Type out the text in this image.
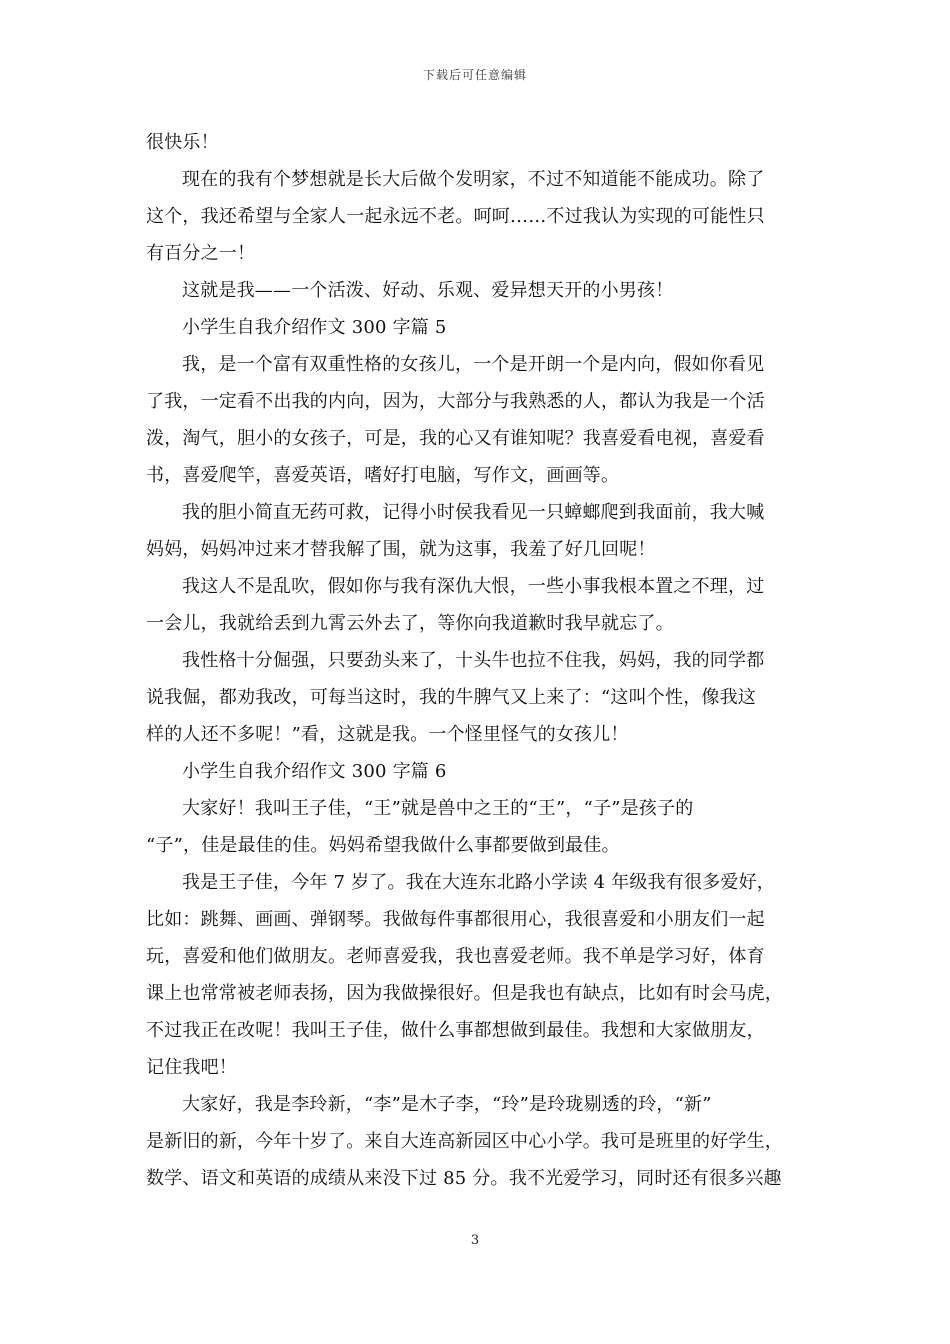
下载后可任意编辑
很快乐！
现在的我有个梦想就是长大后做个发明家，不过不知道能不能成功。除了
这个，我还希望与全家人一起永远不老。呵呵……不过我认为实现的可能性只
有百分之一！
这就是我——一个活泼、好动、乐观、爱异想天开的小男孩！
小学生自我介绍作文 300 字篇 5
我，是一个富有双重性格的女孩儿，一个是开朗一个是内向，假如你看见
了我，一定看不出我的内向，因为，大部分与我熟悉的人，都认为我是一个活
泼，淘气，胆小的女孩子，可是，我的心又有谁知呢？我喜爱看电视，喜爱看
书，喜爱爬竿，喜爱英语，嗜好打电脑，写作文，画画等。
我的胆小简直无药可救，记得小时侯我看见一只蟑螂爬到我面前，我大喊
妈妈，妈妈冲过来才替我解了围，就为这事，我羞了好几回呢！
我这人不是乱吹，假如你与我有深仇大恨，一些小事我根本置之不理，过
一会儿，我就给丢到九霄云外去了，等你向我道歉时我早就忘了。
我性格十分倔强，只要劲头来了，十头牛也拉不住我，妈妈，我的同学都
说我倔，都劝我改，可每当这时，我的牛脾气又上来了：“这叫个性，像我这
样的人还不多呢！”看，这就是我。一个怪里怪气的女孩儿！
小学生自我介绍作文 300 字篇 6
大家好！我叫王子佳，“王”就是兽中之王的“王”，“子”是孩子的
“子”，佳是最佳的佳。妈妈希望我做什么事都要做到最佳。
我是王子佳，今年 7 岁了。我在大连东北路小学读 4 年级我有很多爱好，
比如：跳舞、画画、弹钢琴。我做每件事都很用心，我很喜爱和小朋友们一起
玩，喜爱和他们做朋友。老师喜爱我，我也喜爱老师。我不单是学习好，体育
课上也常常被老师表扬，因为我做操很好。但是我也有缺点，比如有时会马虎，
不过我正在改呢！我叫王子佳，做什么事都想做到最佳。我想和大家做朋友，
记住我吧！
大家好，我是李玲新，“李”是木子李，“玲”是玲珑剔透的玲，“新”
是新旧的新，今年十岁了。来自大连高新园区中心小学。我可是班里的好学生，
数学、语文和英语的成绩从来没下过 85 分。我不光爱学习，同时还有很多兴趣
3
